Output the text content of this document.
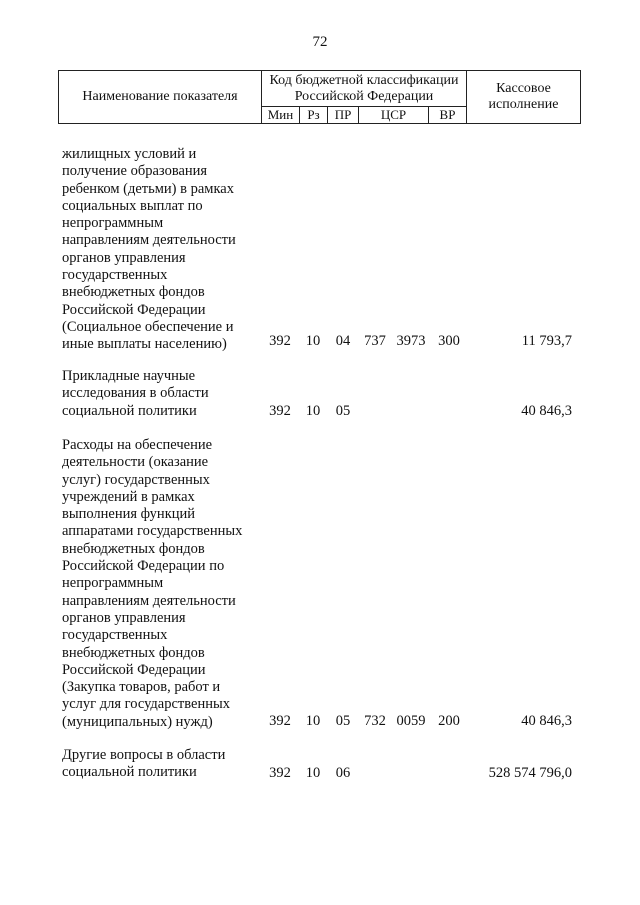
72
Наименование показателя
Код бюджетной классификации Российской Федерации
Мин	Рз	ПР	ЦСР	ВР
Кассовое исполнение
жилищных условий и
получение образования
ребенком (детьми) в рамках
социальных выплат по
непрограммным
направлениям деятельности
органов управления
государственных
внебюджетных фондов
Российской Федерации
(Социальное обеспечение и
иные выплаты населению)	392 10 04 737 3973 300	11 793,7
Прикладные научные
исследования в области
социальной политики	392 10 05	40 846,3
Расходы на обеспечение
деятельности (оказание
услуг) государственных
учреждений в рамках
выполнения функций
аппаратами государственных
внебюджетных фондов
Российской Федерации по
непрограммным
направлениям деятельности
органов управления
государственных
внебюджетных фондов
Российской Федерации
(Закупка товаров, работ и
услуг для государственных
(муниципальных) нужд)	392 10 05 732 0059 200	40 846,3
Другие вопросы в области
социальной политики	392 10 06	528 574 796,0
